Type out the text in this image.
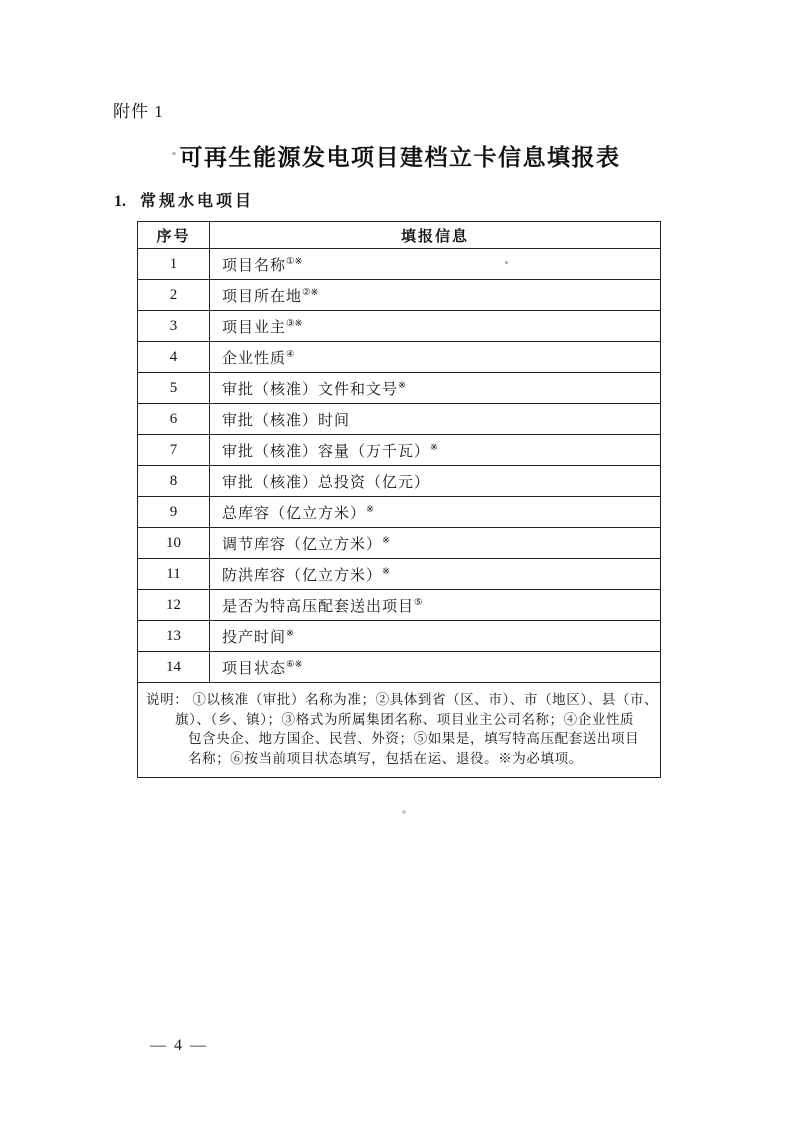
附件 1
可再生能源发电项目建档立卡信息填报表
1. 常规水电项目
序号	填报信息
1	项目名称①※
2	项目所在地②※
3	项目业主③※
4	企业性质④
5	审批（核准）文件和文号※
6	审批（核准）时间
7	审批（核准）容量（万千瓦）※
8	审批（核准）总投资（亿元）
9	总库容（亿立方米）※
10	调节库容（亿立方米）※
11	防洪库容（亿立方米）※
12	是否为特高压配套送出项目⑤
13	投产时间※
14	项目状态⑥※

说明： ①以核准（审批）名称为准；②具体到省（区、市）、市（地区）、县（市、
旗）、（乡、镇）；③格式为所属集团名称、项目业主公司名称；④企业性质
包含央企、地方国企、民营、外资；⑤如果是，填写特高压配套送出项目
名称；⑥按当前项目状态填写，包括在运、退役。※为必填项。	
— 4 —
